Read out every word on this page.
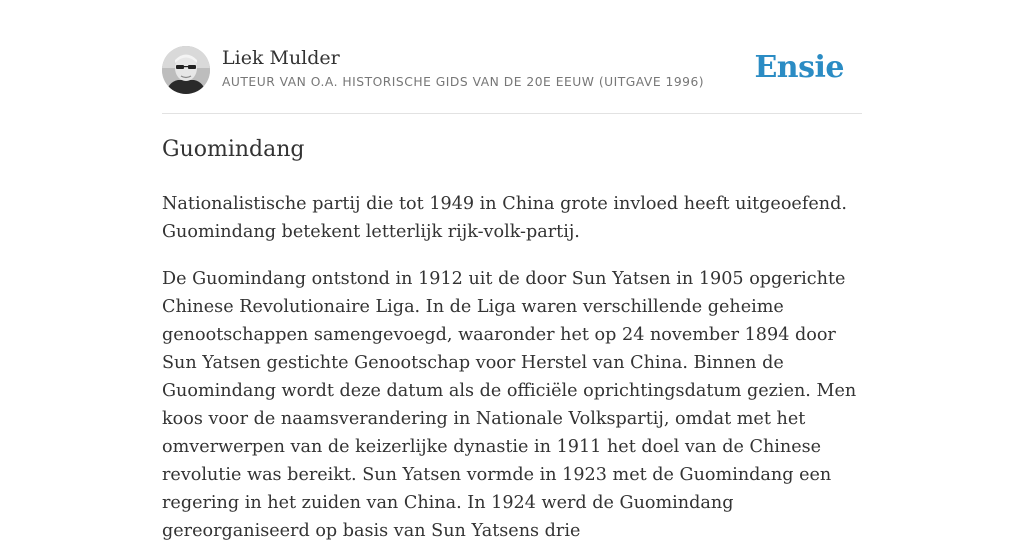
Liek Mulder
AUTEUR VAN O.A. HISTORISCHE GIDS VAN DE 20E EEUW (UITGAVE 1996) Ensie
Guomindang

Nationalistische partij die tot 1949 in China grote invloed heeft uitgeoefend. Guomindang betekent letterlijk rijk-volk-partij.

De Guomindang ontstond in 1912 uit de door Sun Yatsen in 1905 opgerichte Chinese Revolutionaire Liga. In de Liga waren verschillende geheime genootschappen samengevoegd, waaronder het op 24 november 1894 door Sun Yatsen gestichte Genootschap voor Herstel van China. Binnen de Guomindang wordt deze datum als de officiële oprichtingsdatum gezien. Men koos voor de naamsverandering in Nationale Volkspartij, omdat met het omverwerpen van de keizerlijke dynastie in 1911 het doel van de Chinese revolutie was bereikt. Sun Yatsen vormde in 1923 met de Guomindang een regering in het zuiden van China. In 1924 werd de Guomindang gereorganiseerd op basis van Sun Yatsens drie
